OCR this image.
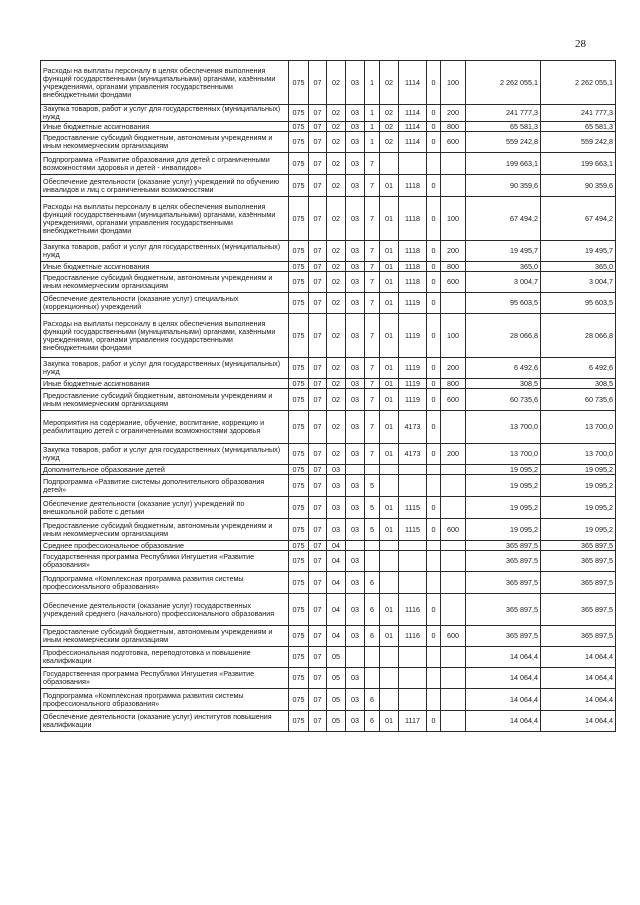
28
Расходы на выплаты персоналу в целях обеспечения выполнения функций государственными (муниципальными) органами, казёнными учреждениями, органами управления государственными внебюджетными фондами	075	07	02	03	1	02	1114	0	100	2 262 055,1	2 262 055,1
Закупка товаров, работ и услуг для государственных (муниципальных) нужд	075	07	02	03	1	02	1114	0	200	241 777,3	241 777,3
Иные бюджетные ассигнования	075	07	02	03	1	02	1114	0	800	65 581,3	65 581,3
Предоставление субсидий бюджетным, автономным учреждениям и иным некоммерческим организациям	075	07	02	03	1	02	1114	0	600	559 242,8	559 242,8
Подпрограмма «Развитие образования для детей с ограниченными возможностями здоровья и детей - инвалидов»	075	07	02	03	7					199 663,1	199 663,1
Обеспечение деятельности (оказание услуг) учреждений по обучению инвалидов и лиц с ограниченными возможностями	075	07	02	03	7	01	1118	0		90 359,6	90 359,6
Расходы на выплаты персоналу в целях обеспечения выполнения функций государственными (муниципальными) органами, казёнными учреждениями, органами управления государственными внебюджетными фондами	075	07	02	03	7	01	1118	0	100	67 494,2	67 494,2
Закупка товаров, работ и услуг для государственных (муниципальных) нужд	075	07	02	03	7	01	1118	0	200	19 495,7	19 495,7
Иные бюджетные ассигнования	075	07	02	03	7	01	1118	0	800	365,0	365,0
Предоставление субсидий бюджетным, автономным учреждениям и иным некоммерческим организациям	075	07	02	03	7	01	1118	0	600	3 004,7	3 004,7
Обеспечение деятельности (оказание услуг) специальных (коррекционных) учреждений	075	07	02	03	7	01	1119	0		95 603,5	95 603,5
Расходы на выплаты персоналу в целях обеспечения выполнения функций государственными (муниципальными) органами, казёнными учреждениями, органами управления государственными внебюджетными фондами	075	07	02	03	7	01	1119	0	100	28 066,8	28 066,8
Закупка товаров, работ и услуг для государственных (муниципальных) нужд	075	07	02	03	7	01	1119	0	200	6 492,6	6 492,6
Иные бюджетные ассигнования	075	07	02	03	7	01	1119	0	800	308,5	308,5
Предоставление субсидий бюджетным, автономным учреждениям и иным некоммерческим организациям	075	07	02	03	7	01	1119	0	600	60 735,6	60 735,6
Мероприятия на содержание, обучение, воспитание, коррекцию и реабилитацию детей с ограниченными возможностями здоровья	075	07	02	03	7	01	4173	0		13 700,0	13 700,0
Закупка товаров, работ и услуг для государственных (муниципальных) нужд	075	07	02	03	7	01	4173	0	200	13 700,0	13 700,0
Дополнительное образование детей	075	07	03							19 095,2	19 095,2
Подпрограмма «Развитие системы дополнительного образования детей»	075	07	03	03	5					19 095,2	19 095,2
Обеспечение деятельности (оказание услуг) учреждений по внешкольной работе с детьми	075	07	03	03	5	01	1115	0		19 095,2	19 095,2
Предоставление субсидий бюджетным, автономным учреждениям и иным некоммерческим организациям	075	07	03	03	5	01	1115	0	600	19 095,2	19 095,2
Среднее профессиональное образование	075	07	04							365 897,5	365 897,5
Государственная программа Республики Ингушетия «Развитие образования»	075	07	04	03						365 897,5	365 897,5
Подпрограмма «Комплексная программа развития системы профессионального образования»	075	07	04	03	6					365 897,5	365 897,5
Обеспечение деятельности (оказание услуг) государственных учреждений среднего (начального) профессионального образования	075	07	04	03	6	01	1116	0		365 897,5	365 897,5
Предоставление субсидий бюджетным, автономным учреждениям и иным некоммерческим организациям	075	07	04	03	6	01	1116	0	600	365 897,5	365 897,5
Профессиональная подготовка, переподготовка и повышение квалификации	075	07	05							14 064,4	14 064,4
Государственная программа Республики Ингушетия «Развитие образования»	075	07	05	03						14 064,4	14 064,4
Подпрограмма «Комплексная программа развития системы профессионального образования»	075	07	05	03	6					14 064,4	14 064,4
Обеспечение деятельности (оказание услуг) институтов повышения квалификации	075	07	05	03	6	01	1117	0		14 064,4	14 064,4
